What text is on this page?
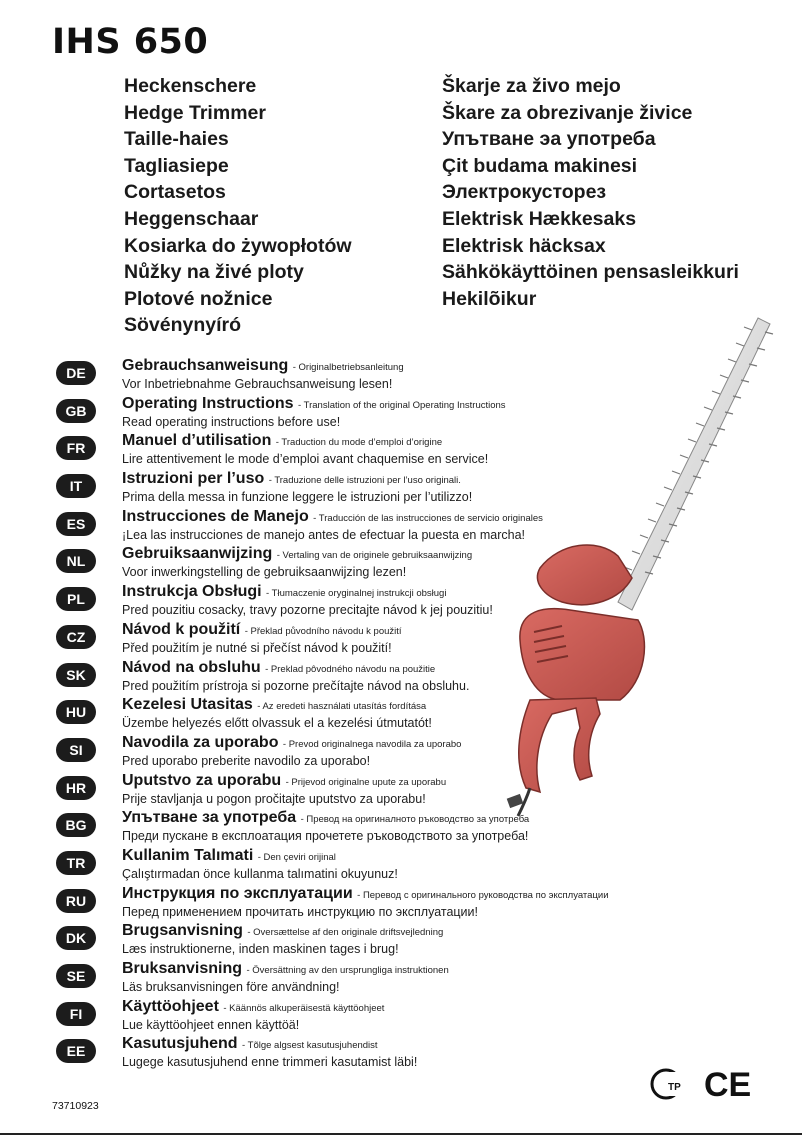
IHS 650
Heckenschere
Hedge Trimmer
Taille-haies
Tagliasiepe
Cortasetos
Heggenschaar
Kosiarka do żywopłotów
Nůžky na živé ploty
Plotové nožnice
Sövénynyíró
Škarje za živo mejo
Škare za obrezivanje živice
Упътване эа употреба
Çit budama makinesi
Электрокусторез
Elektrisk Hækkesaks
Elektrisk häcksax
Sähkökäyttöinen pensasleikkuri
Hekilõikur
DE	Gebrauchsanweisung - Originalbetriebsanleitung
Vor Inbetriebnahme Gebrauchsanweisung lesen!
GB	Operating Instructions - Translation of the original Operating Instructions
Read operating instructions before use!
FR	Manuel d’utilisation - Traduction du mode d’emploi d’origine
Lire attentivement le mode d’emploi avant chaquemise en service!
IT	Istruzioni per l’uso - Traduzione delle istruzioni per l’uso originali.
Prima della messa in funzione leggere le istruzioni per l’utilizzo!
ES	Instrucciones de Manejo - Traducción de las instrucciones de servicio originales
¡Lea las instrucciones de manejo antes de efectuar la puesta en marcha!
NL	Gebruiksaanwijzing - Vertaling van de originele gebruiksaanwijzing
Voor inwerkingstelling de gebruiksaanwijzing lezen!
PL	Instrukcja Obsługi - Tłumaczenie oryginalnej instrukcji obsługi
Pred pouzitiu cosacky, travy pozorne precitajte návod k jej pouzitiu!
CZ	Návod k použití - Překlad původního návodu k použití
Před použitím je nutné si přečíst návod k použití!
SK	Návod na obsluhu - Preklad pôvodného návodu na použitie
Pred použitím prístroja si pozorne prečítajte návod na obsluhu.
HU	Kezelesi Utasitas - Az eredeti használati utasítás fordítása
Üzembe helyezés előtt olvassuk el a kezelési útmutatót!
SI	Navodila za uporabo - Prevod originalnega navodila za uporabo
Pred uporabo preberite navodilo za uporabo!
HR	Uputstvo za uporabu - Prijevod originalne upute za uporabu
Prije stavljanja u pogon pročitajte uputstvo za uporabu!
BG	Упътване за употреба - Превод на оригиналното ръководство за употреба
Преди пускане в експлоатация прочетете ръководството за употреба!
TR	Kullanim Talımati - Den çeviri orijinal
Çalıştırmadan önce kullanma talımatini okuyunuz!
RU	Инструкция по эксплуатации - Перевод с оригинального руководства по эксплуатации
Перед применением прочитать инструкцию по эксплуатации!
DK	Brugsanvisning - Oversættelse af den originale driftsvejledning
Læs instruktionerne, inden maskinen tages i brug!
SE	Bruksanvisning - Översättning av den ursprungliga instruktionen
Läs bruksanvisningen före användning!
FI	Käyttöohjeet - Käännös alkuperäisestä käyttöohjeet
Lue käyttöohjeet ennen käyttöä!
EE	Kasutusjuhend - Tõlge algsest kasutusjuhendist
Lugege kasutusjuhend enne trimmeri kasutamist läbi!
TP CE
73710923
